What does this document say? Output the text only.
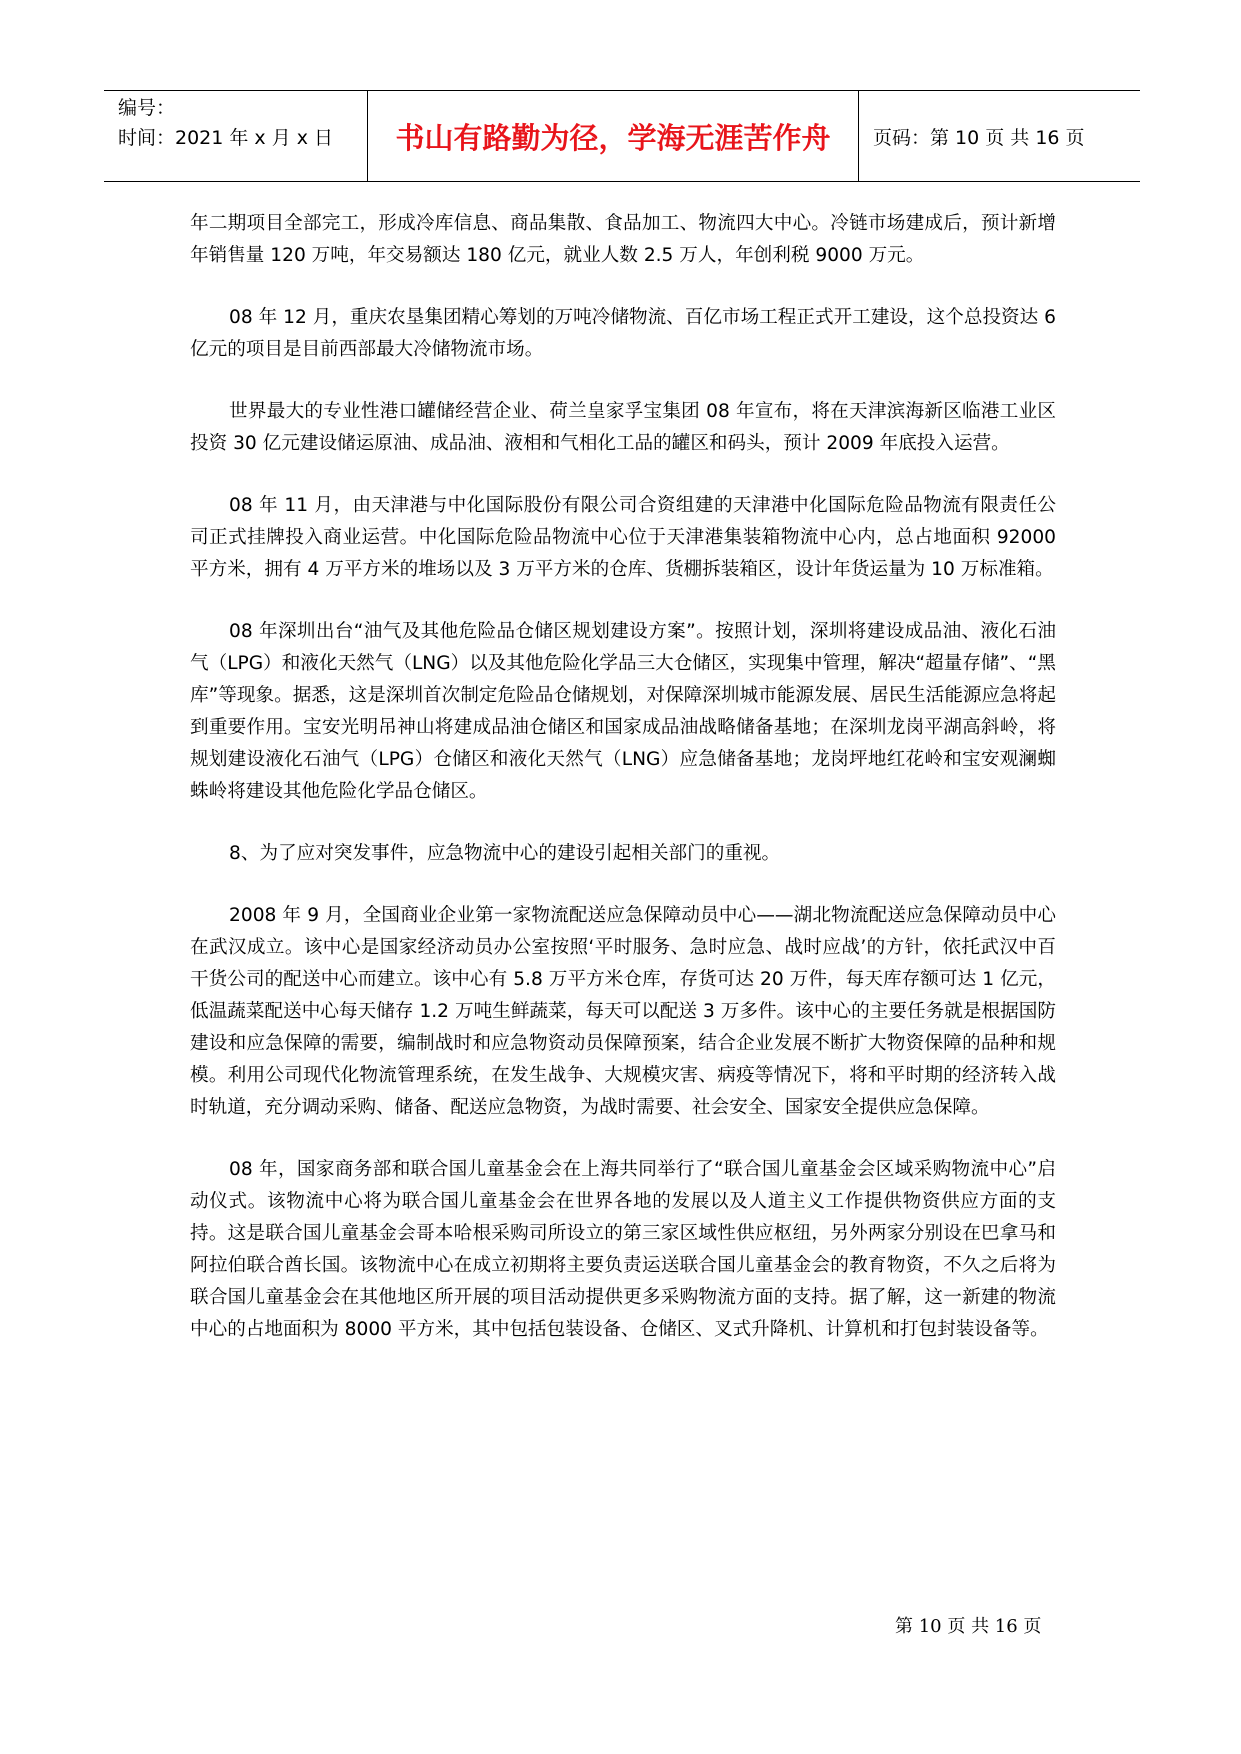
编号：
时间：2021 年 x 月 x 日	书山有路勤为径，学海无涯苦作舟	页码：第 10 页 共 16 页

年二期项目全部完工，形成冷库信息、商品集散、食品加工、物流四大中心。冷链市场建成后，预计新增年销售量 120 万吨，年交易额达 180 亿元，就业人数 2.5 万人，年创利税 9000 万元。

08 年 12 月，重庆农垦集团精心筹划的万吨冷储物流、百亿市场工程正式开工建设，这个总投资达 6 亿元的项目是目前西部最大冷储物流市场。

世界最大的专业性港口罐储经营企业、荷兰皇家孚宝集团 08 年宣布，将在天津滨海新区临港工业区投资 30 亿元建设储运原油、成品油、液相和气相化工品的罐区和码头，预计 2009 年底投入运营。

08 年 11 月，由天津港与中化国际股份有限公司合资组建的天津港中化国际危险品物流有限责任公司正式挂牌投入商业运营。中化国际危险品物流中心位于天津港集装箱物流中心内，总占地面积 92000 平方米，拥有 4 万平方米的堆场以及 3 万平方米的仓库、货棚拆装箱区，设计年货运量为 10 万标准箱。

08 年深圳出台“油气及其他危险品仓储区规划建设方案”。按照计划，深圳将建设成品油、液化石油气（LPG）和液化天然气（LNG）以及其他危险化学品三大仓储区，实现集中管理，解决“超量存储”、“黑库”等现象。据悉，这是深圳首次制定危险品仓储规划，对保障深圳城市能源发展、居民生活能源应急将起到重要作用。宝安光明吊神山将建成品油仓储区和国家成品油战略储备基地；在深圳龙岗平湖高斜岭，将规划建设液化石油气（LPG）仓储区和液化天然气（LNG）应急储备基地；龙岗坪地红花岭和宝安观澜蜘蛛岭将建设其他危险化学品仓储区。

8、为了应对突发事件，应急物流中心的建设引起相关部门的重视。

2008 年 9 月，全国商业企业第一家物流配送应急保障动员中心——湖北物流配送应急保障动员中心在武汉成立。该中心是国家经济动员办公室按照‘平时服务、急时应急、战时应战’的方针，依托武汉中百干货公司的配送中心而建立。该中心有 5.8 万平方米仓库，存货可达 20 万件，每天库存额可达 1 亿元，低温蔬菜配送中心每天储存 1.2 万吨生鲜蔬菜，每天可以配送 3 万多件。该中心的主要任务就是根据国防建设和应急保障的需要，编制战时和应急物资动员保障预案，结合企业发展不断扩大物资保障的品种和规模。利用公司现代化物流管理系统，在发生战争、大规模灾害、病疫等情况下，将和平时期的经济转入战时轨道，充分调动采购、储备、配送应急物资，为战时需要、社会安全、国家安全提供应急保障。

08 年，国家商务部和联合国儿童基金会在上海共同举行了“联合国儿童基金会区域采购物流中心”启动仪式。该物流中心将为联合国儿童基金会在世界各地的发展以及人道主义工作提供物资供应方面的支持。这是联合国儿童基金会哥本哈根采购司所设立的第三家区域性供应枢纽，另外两家分别设在巴拿马和阿拉伯联合酋长国。该物流中心在成立初期将主要负责运送联合国儿童基金会的教育物资，不久之后将为联合国儿童基金会在其他地区所开展的项目活动提供更多采购物流方面的支持。据了解，这一新建的物流中心的占地面积为 8000 平方米，其中包括包装设备、仓储区、叉式升降机、计算机和打包封装设备等。

第 10 页 共 16 页
